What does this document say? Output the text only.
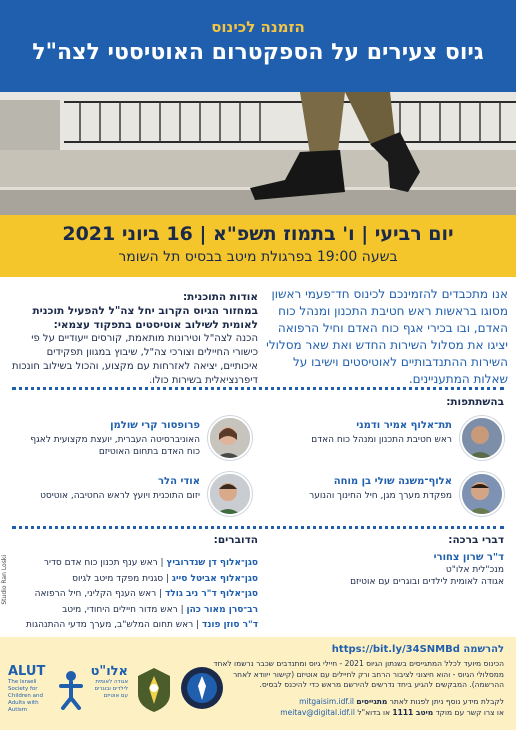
הזמנה לכינוס
גיוס צעירים על הספקטרום האוטיסטי לצה"ל
יום רביעי | ו' בתמוז תשפ"א | 16 ביוני 2021
בשעה 19:00 בפרגולת מיטב בבסיס תל השומר
אנו מתכבדים להזמינכם לכינוס חד־פעמי ראשון מסוגו בראשות ראש חטיבת התכנון ומנהל כוח האדם, ובו בכירי אגף כוח האדם וחיל הרפואה יציגו את מסלול השירות החדש ואת שאר מסלולי השירות ההתנדבותיים לאוטיסטים וישיבו על שאלות המתעניינים.
אודות התוכנית:
במחזור הגיוס הקרוב יחל צה"ל להפעיל תוכנית לאומית לשילוב אוטיסטים בתפקוד עצמאי:
הכנה לצה"ל וטירונות מותאמת, קורסים ייעודיים על פי כישורי החיילים וצורכי צה"ל, שיבוץ במגוון תפקידים איכותיים, יציאה לאזרחות עם מקצוע, והכול בשילוב חונכות דיפרנציאלית בשירות כולו.
בהשתתפות:
תת־אלוף אמיר ודמני
ראש חטיבת התכנון ומנהל כוח האדם
פרופסור קרי שולמן
האוניברסיטה העברית, יועצת מקצועית לאגף כוח האדם בתחום האוטיזם
אלוף־משנה שולי בן מוחה
מפקדת מערך מגן, חיל החינוך והנוער
אודי הלר
יזום התוכנית ויועץ לראש החטיבה, אוטיסט
דברי ברכה:
ד"ר שרון צחורי
מנכ"לית אלו"ט
אגודה לאומית לילדים ובוגרים עם אוטיזם
הדוברים:
סגן־אלוף דן שנדרוביץ | ראש ענף תכנון כוח אדם סדיר
סגן־אלוף אביטל סייג | סגנית מפקד מיטב לגיוס
סגן־אלוף ד"ר ניב גולד | ראש הענף הקליני, חיל הרפואה
רב־סרן מאור כהן | ראש מדור חיילים היחודי, מיטב
ד"ר סוזן פונד | ראש תחום המלש"ב, מערך מדעי ההתנהגות
Studio Ran Loski
https://bit.ly/34SNMBd להרשמה
הכינוס מיועד לכלל המתגייסים בשנתון הגיוס 2021 - חיילי גיוס ומתנדבים שכבר נרשמו לאחד ממסלולי הגיוס - והוא חיצוני לציבור הרחב ורק לחיילים עם אוטיזם (קישור ייוודא לאחר ההרשמה). המבקשים להגיע ביחד נדרשים להירשם מראש כדי להיכנס לבסיס.
לקבלת מידע נוסף ניתן לפנות לאתר מתגייסים mitgaisim.idf.il
או צרו קשר עם מוקד מיטב 1111 או בדוא"ל meitav@digital.idf.il
ALUT
The Israeli Society for Children and Adults with Autism
אלו"ט
אגודה לאומית לילדים ובוגרים עם אוטיזם
